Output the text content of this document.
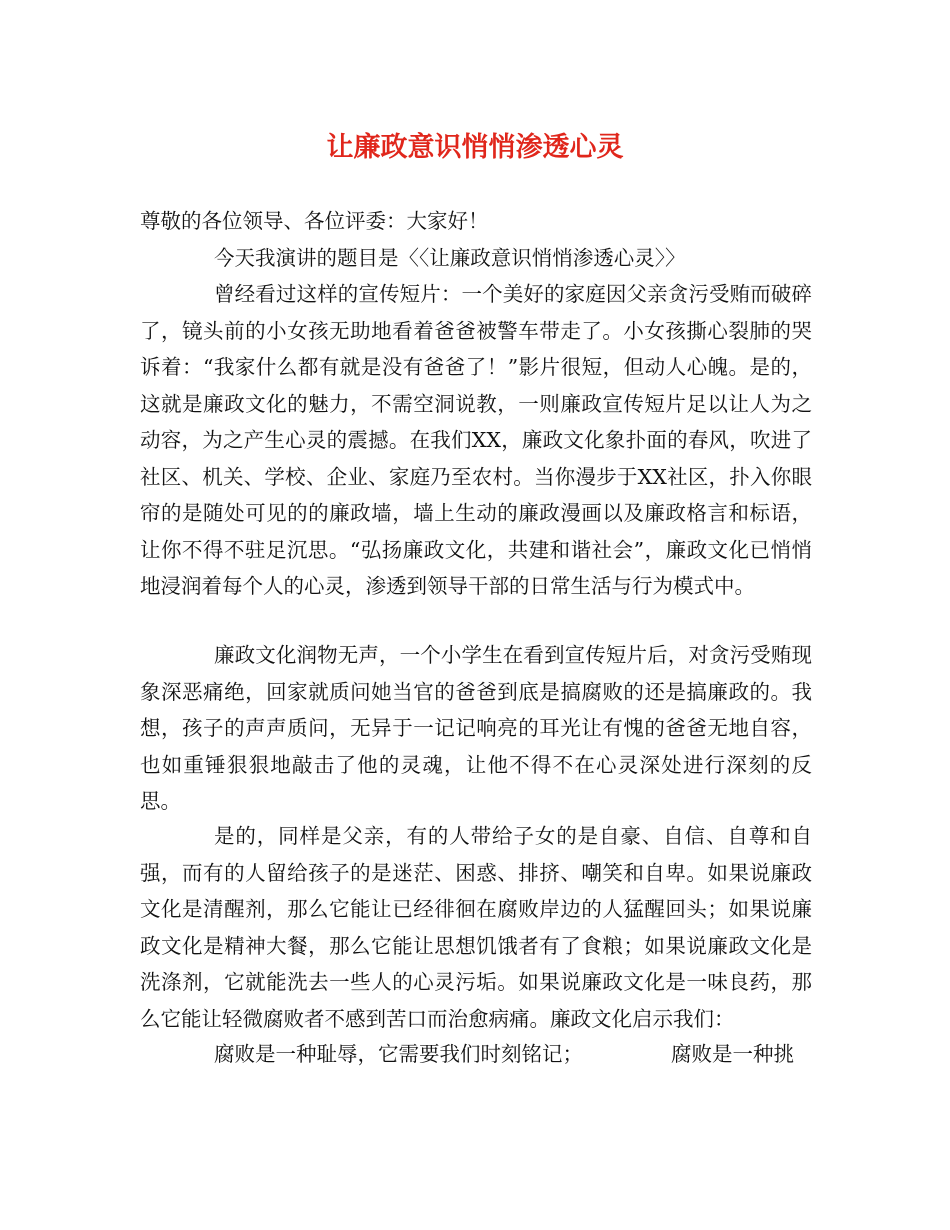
让廉政意识悄悄渗透心灵

尊敬的各位领导、各位评委：大家好！

今天我演讲的题目是〈〈让廉政意识悄悄渗透心灵〉〉

曾经看过这样的宣传短片：一个美好的家庭因父亲贪污受贿而破碎了，镜头前的小女孩无助地看着爸爸被警车带走了。小女孩撕心裂肺的哭诉着：“我家什么都有就是没有爸爸了！”影片很短，但动人心魄。是的，这就是廉政文化的魅力，不需空洞说教，一则廉政宣传短片足以让人为之动容，为之产生心灵的震撼。在我们XX，廉政文化象扑面的春风，吹进了社区、机关、学校、企业、家庭乃至农村。当你漫步于XX社区，扑入你眼帘的是随处可见的的廉政墙，墙上生动的廉政漫画以及廉政格言和标语，让你不得不驻足沉思。“弘扬廉政文化，共建和谐社会”，廉政文化已悄悄地浸润着每个人的心灵，渗透到领导干部的日常生活与行为模式中。

廉政文化润物无声，一个小学生在看到宣传短片后，对贪污受贿现象深恶痛绝，回家就质问她当官的爸爸到底是搞腐败的还是搞廉政的。我想，孩子的声声质问，无异于一记记响亮的耳光让有愧的爸爸无地自容，也如重锤狠狠地敲击了他的灵魂，让他不得不在心灵深处进行深刻的反思。

是的，同样是父亲，有的人带给子女的是自豪、自信、自尊和自强，而有的人留给孩子的是迷茫、困惑、排挤、嘲笑和自卑。如果说廉政文化是清醒剂，那么它能让已经徘徊在腐败岸边的人猛醒回头；如果说廉政文化是精神大餐，那么它能让思想饥饿者有了食粮；如果说廉政文化是洗涤剂，它就能洗去一些人的心灵污垢。如果说廉政文化是一味良药，那么它能让轻微腐败者不感到苦口而治愈病痛。廉政文化启示我们：

腐败是一种耻辱，它需要我们时刻铭记；	腐败是一种挑
